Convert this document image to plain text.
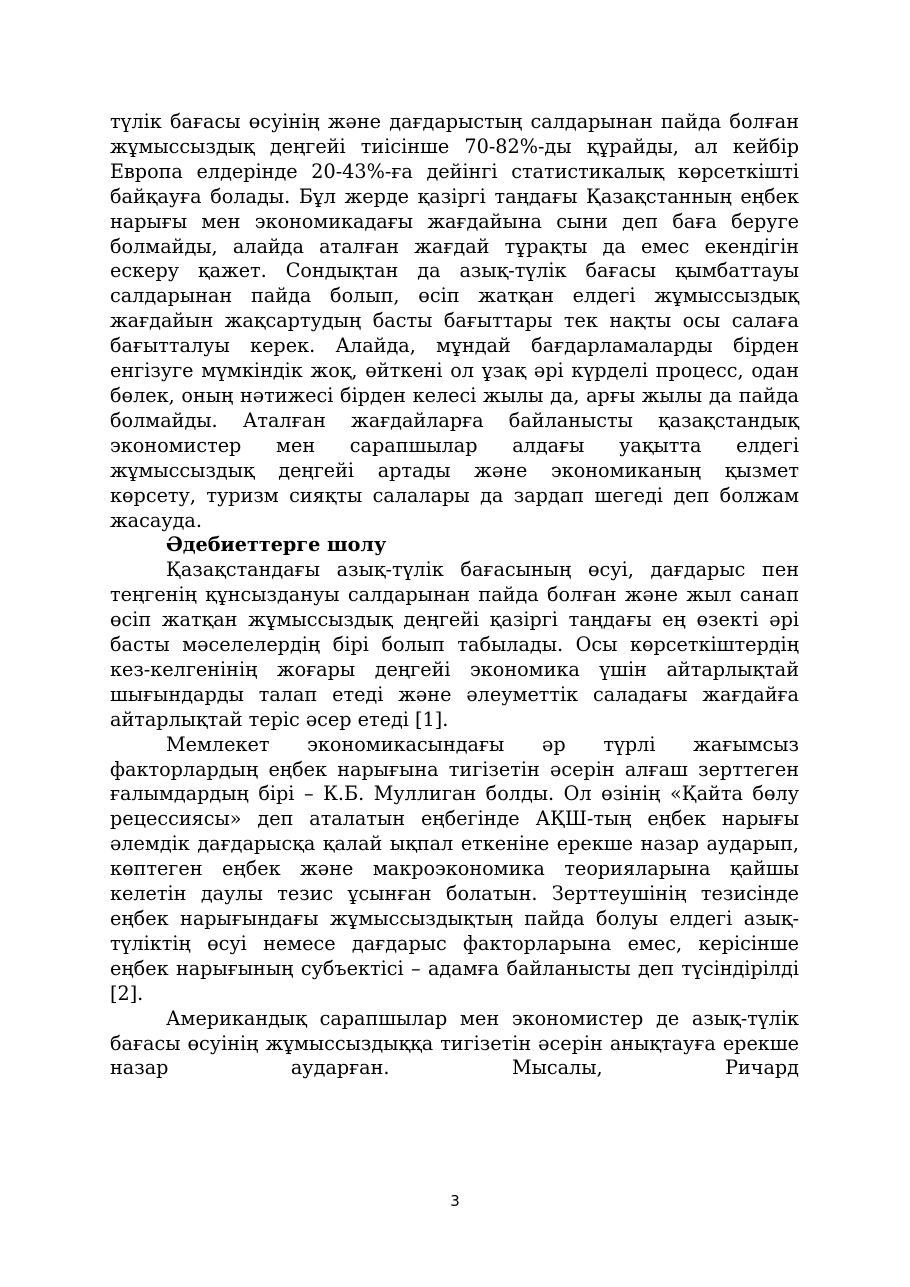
түлік бағасы өсуінің және дағдарыстың салдарынан пайда болған жұмыссыздық деңгейі тиісінше 70-82%-ды құрайды, ал кейбір Европа елдерінде 20-43%-ға дейінгі статистикалық көрсеткішті байқауға болады. Бұл жерде қазіргі таңдағы Қазақстанның еңбек нарығы мен экономикадағы жағдайына сыни деп баға беруге болмайды, алайда аталған жағдай тұрақты да емес екендігін ескеру қажет. Сондықтан да азық-түлік бағасы қымбаттауы салдарынан пайда болып, өсіп жатқан елдегі жұмыссыздық жағдайын жақсартудың басты бағыттары тек нақты осы салаға бағытталуы керек. Алайда, мұндай бағдарламаларды бірден енгізуге мүмкіндік жоқ, өйткені ол ұзақ әрі күрделі процесс, одан бөлек, оның нәтижесі бірден келесі жылы да, арғы жылы да пайда болмайды. Аталған жағдайларға байланысты қазақстандық экономистер мен сарапшылар алдағы уақытта елдегі жұмыссыздық деңгейі артады және экономиканың қызмет көрсету, туризм сияқты салалары да зардап шегеді деп болжам жасауда.

Әдебиеттерге шолу

Қазақстандағы азық-түлік бағасының өсуі, дағдарыс пен теңгенің құнсыздануы салдарынан пайда болған және жыл санап өсіп жатқан жұмыссыздық деңгейі қазіргі таңдағы ең өзекті әрі басты мәселелердің бірі болып табылады. Осы көрсеткіштердің кез-келгенінің жоғары деңгейі экономика үшін айтарлықтай шығындарды талап етеді және әлеуметтік саладағы жағдайға айтарлықтай теріс әсер етеді [1].

Мемлекет экономикасындағы әр түрлі жағымсыз факторлардың еңбек нарығына тигізетін әсерін алғаш зерттеген ғалымдардың бірі – К.Б. Муллиган болды. Ол өзінің «Қайта бөлу рецессиясы» деп аталатын еңбегінде АҚШ-тың еңбек нарығы әлемдік дағдарысқа қалай ықпал еткеніне ерекше назар аударып, көптеген еңбек және макроэкономика теорияларына қайшы келетін даулы тезис ұсынған болатын. Зерттеушінің тезисінде еңбек нарығындағы жұмыссыздықтың пайда болуы елдегі азық-түліктің өсуі немесе дағдарыс факторларына емес, керісінше еңбек нарығының субъектісі – адамға байланысты деп түсіндірілді [2].

Американдық сарапшылар мен экономистер де азық-түлік бағасы өсуінің жұмыссыздыққа тигізетін әсерін анықтауға ерекше назар аударған. Мысалы, Ричард

3
